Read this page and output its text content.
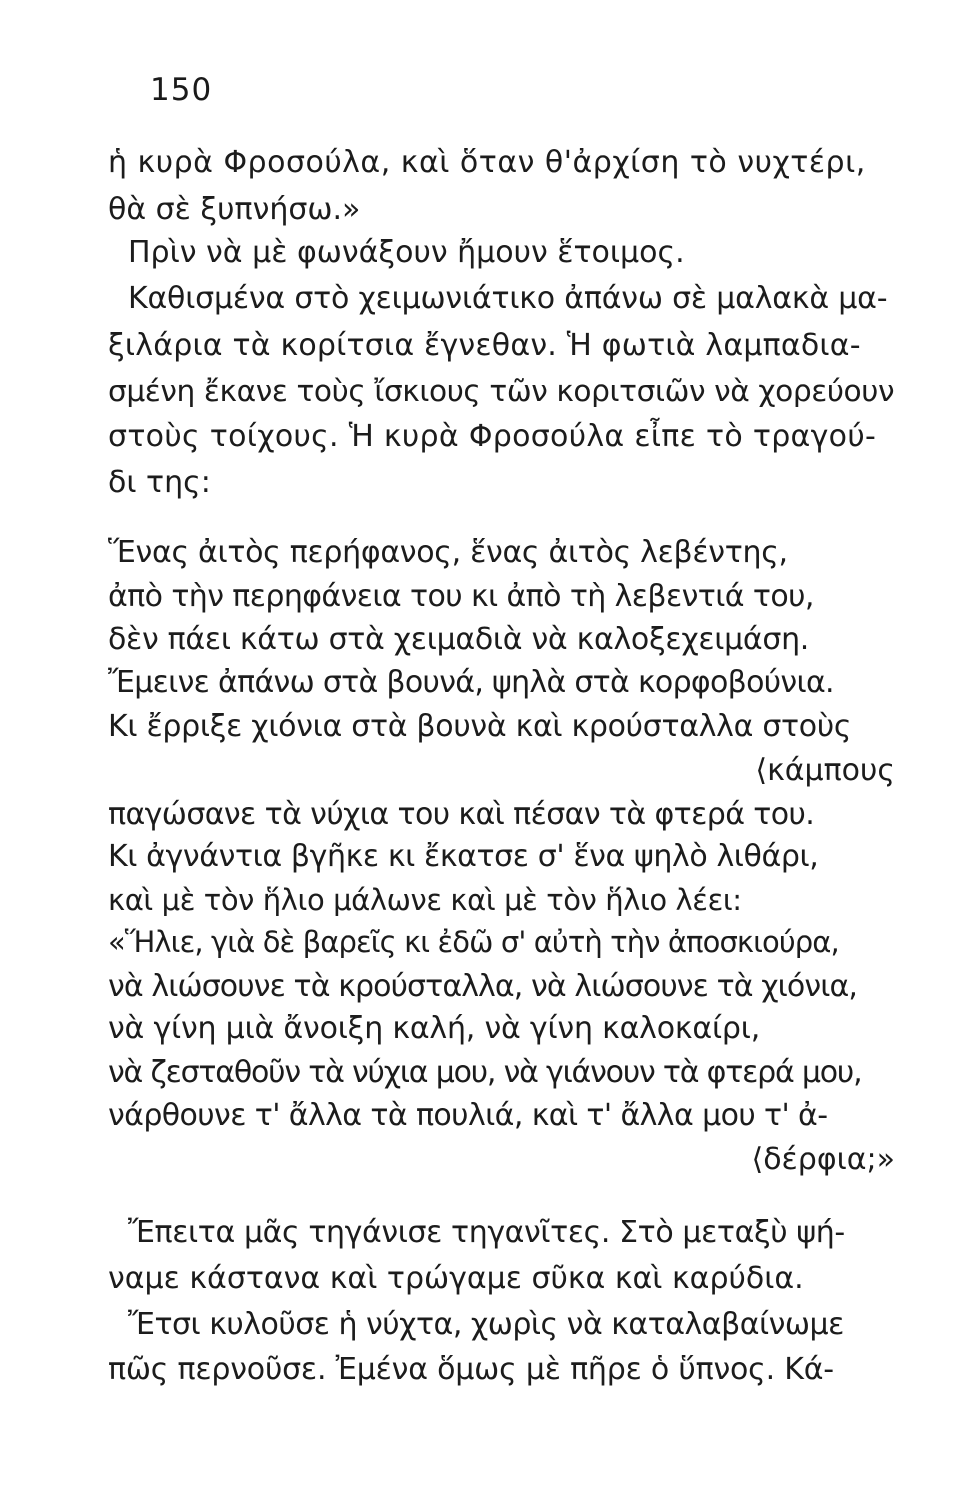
150
ἡ κυρὰ Φροσούλα, καὶ ὅταν θ'ἀρχίση τὸ νυχτέρι,
θὰ σὲ ξυπνήσω.»
Πρὶν νὰ μὲ φωνάξουν ἤμουν ἕτοιμος.
Καθισμένα στὸ χειμωνιάτικο ἀπάνω σὲ μαλακὰ μα-
ξιλάρια τὰ κορίτσια ἔγνεθαν. Ἡ φωτιὰ λαμπαδια-
σμένη ἔκανε τοὺς ἴσκιους τῶν κοριτσιῶν νὰ χορεύουν
στοὺς τοίχους. Ἡ κυρὰ Φροσούλα εἶπε τὸ τραγού-
δι της:
Ἕνας ἀιτὸς περήφανος, ἕνας ἀιτὸς λεβέντης,
ἀπὸ τὴν περηφάνεια του κι ἀπὸ τὴ λεβεντιά του,
δὲν πάει κάτω στὰ χειμαδιὰ νὰ καλοξεχειμάση.
Ἔμεινε ἀπάνω στὰ βουνά, ψηλὰ στὰ κορφοβούνια.
Κι ἔρριξε χιόνια στὰ βουνὰ καὶ κρούσταλλα στοὺς
⟨κάμπους
παγώσανε τὰ νύχια του καὶ πέσαν τὰ φτερά του.
Κι ἀγνάντια βγῆκε κι ἔκατσε σ' ἕνα ψηλὸ λιθάρι,
καὶ μὲ τὸν ἥλιο μάλωνε καὶ μὲ τὸν ἥλιο λέει:
«Ἥλιε, γιὰ δὲ βαρεῖς κι ἐδῶ σ' αὐτὴ τὴν ἀποσκιούρα,
νὰ λιώσουνε τὰ κρούσταλλα, νὰ λιώσουνε τὰ χιόνια,
νὰ γίνη μιὰ ἄνοιξη καλή, νὰ γίνη καλοκαίρι,
νὰ ζεσταθοῦν τὰ νύχια μου, νὰ γιάνουν τὰ φτερά μου,
νάρθουνε τ' ἄλλα τὰ πουλιά, καὶ τ' ἄλλα μου τ' ἀ-
⟨δέρφια;»
Ἔπειτα μᾶς τηγάνισε τηγανῖτες. Στὸ μεταξὺ ψή-
ναμε κάστανα καὶ τρώγαμε σῦκα καὶ καρύδια.
Ἔτσι κυλοῦσε ἡ νύχτα, χωρὶς νὰ καταλαβαίνωμε
πῶς περνοῦσε. Ἐμένα ὅμως μὲ πῆρε ὁ ὕπνος. Κά-
